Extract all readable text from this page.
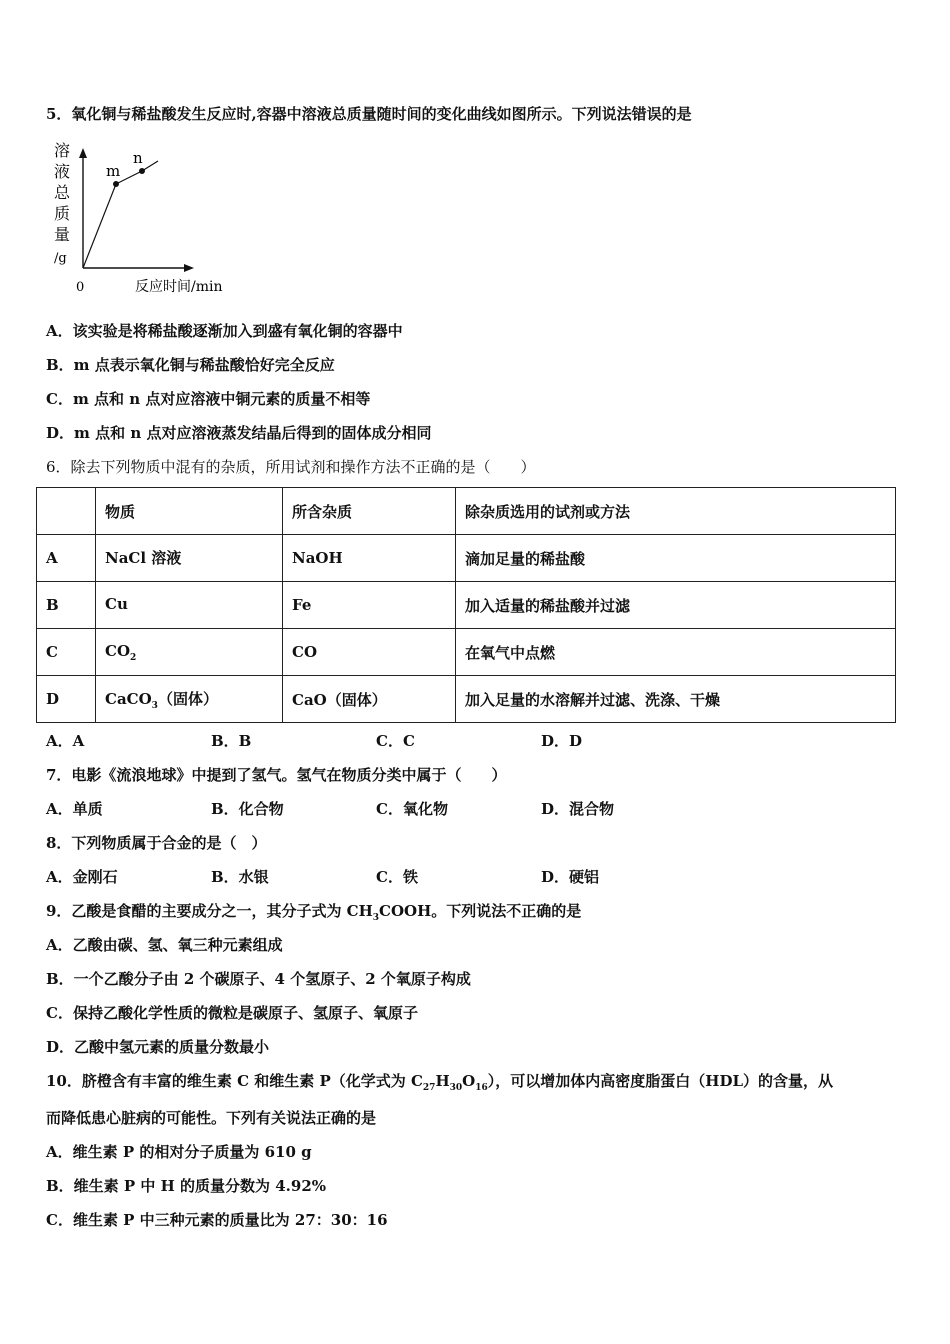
5．氧化铜与稀盐酸发生反应时,容器中溶液总质量随时间的变化曲线如图所示。下列说法错误的是
溶
液
总
质
量
/g
m
n
0	反应时间/min
A．该实验是将稀盐酸逐渐加入到盛有氧化铜的容器中
B．m 点表示氧化铜与稀盐酸恰好完全反应
C．m 点和 n 点对应溶液中铜元素的质量不相等
D．m 点和 n 点对应溶液蒸发结晶后得到的固体成分相同
6．除去下列物质中混有的杂质，所用试剂和操作方法不正确的是（　　）
	物质	所含杂质	除杂质选用的试剂或方法
A	NaCl 溶液	NaOH	滴加足量的稀盐酸
B	Cu	Fe	加入适量的稀盐酸并过滤
C	$CO_2$	CO	在氧气中点燃
D	CaCO$_3$（固体）	CaO（固体）	加入足量的水溶解并过滤、洗涤、干燥
A．A	B．B	C．C	D．D
7．电影《流浪地球》中提到了氢气。氢气在物质分类中属于（　　）
A．单质	B．化合物	C．氧化物	D．混合物
8．下列物质属于合金的是（　）
A．金刚石	B．水银	C．铁	D．硬铝
9．乙酸是食醋的主要成分之一，其分子式为 $CH_3COOH$。下列说法不正确的是
A．乙酸由碳、氢、氧三种元素组成
B．一个乙酸分子由 2 个碳原子、4 个氢原子、2 个氧原子构成
C．保持乙酸化学性质的微粒是碳原子、氢原子、氧原子
D．乙酸中氢元素的质量分数最小
10．脐橙含有丰富的维生素 C 和维生素 P（化学式为 $C_{27}H_{30}O_{16}$），可以增加体内高密度脂蛋白（HDL）的含量，从
而降低患心脏病的可能性。下列有关说法正确的是
A．维生素 P 的相对分子质量为 610 g
B．维生素 P 中 H 的质量分数为 4.92%
C．维生素 P 中三种元素的质量比为 27：30：16
